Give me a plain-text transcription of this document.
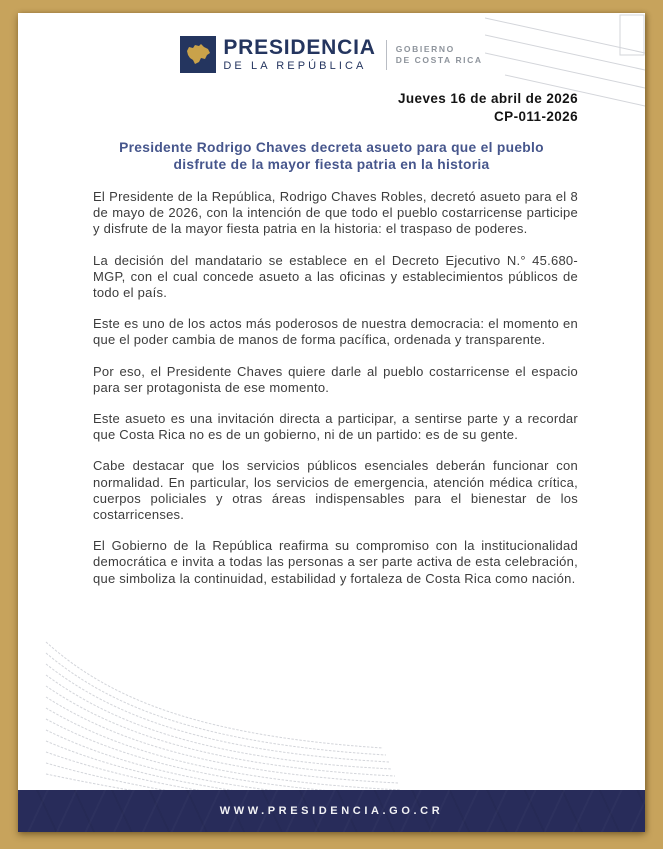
PRESIDENCIA
DE LA REPÚBLICA
GOBIERNO
DE COSTA RICA
Jueves 16 de abril de 2026
CP-011-2026
Presidente Rodrigo Chaves decreta asueto para que el pueblo disfrute de la mayor fiesta patria en la historia

El Presidente de la República, Rodrigo Chaves Robles, decretó asueto para el 8 de mayo de 2026, con la intención de que todo el pueblo costarricense participe y disfrute de la mayor fiesta patria en la historia: el traspaso de poderes.

La decisión del mandatario se establece en el Decreto Ejecutivo N.° 45.680-MGP, con el cual concede asueto a las oficinas y establecimientos públicos de todo el país.

Este es uno de los actos más poderosos de nuestra democracia: el momento en que el poder cambia de manos de forma pacífica, ordenada y transparente.

Por eso, el Presidente Chaves quiere darle al pueblo costarricense el espacio para ser protagonista de ese momento.

Este asueto es una invitación directa a participar, a sentirse parte y a recordar que Costa Rica no es de un gobierno, ni de un partido: es de su gente.

Cabe destacar que los servicios públicos esenciales deberán funcionar con normalidad. En particular, los servicios de emergencia, atención médica crítica, cuerpos policiales y otras áreas indispensables para el bienestar de los costarricenses.

El Gobierno de la República reafirma su compromiso con la institucionalidad democrática e invita a todas las personas a ser parte activa de esta celebración, que simboliza la continuidad, estabilidad y fortaleza de Costa Rica como nación.

WWW.PRESIDENCIA.GO.CR
